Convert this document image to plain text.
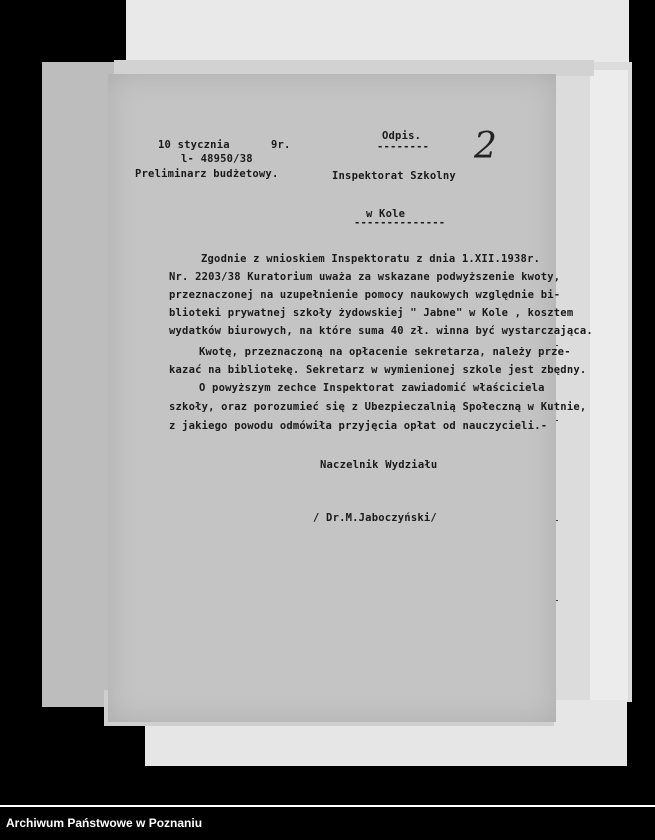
10 stycznia	9r.
l- 48950/38
Preliminarz budżetowy.
Odpis.
-------- 2
Inspektorat Szkolny
w Kole
--------------
Zgodnie z wnioskiem Inspektoratu z dnia 1.XII.1938r.
Nr. 2203/38 Kuratorium uważa za wskazane podwyższenie kwoty,
przeznaczonej na uzupełnienie pomocy naukowych względnie bi-
blioteki prywatnej szkoły żydowskiej " Jabne" w Kole , kosztem
wydatków biurowych, na które suma 40 zł. winna być wystarczająca.
Kwotę, przeznaczoną na opłacenie sekretarza, należy prze-
kazać na bibliotekę. Sekretarz w wymienionej szkole jest zbędny.
O powyższym zechce Inspektorat zawiadomić właściciela
szkoły, oraz porozumieć się z Ubezpieczalnią Społeczną w Kutnie,
z jakiego powodu odmówiła przyjęcia opłat od nauczycieli.-
Naczelnik Wydziału
/ Dr.M.Jaboczyński/
Archiwum Państwowe w Poznaniu
